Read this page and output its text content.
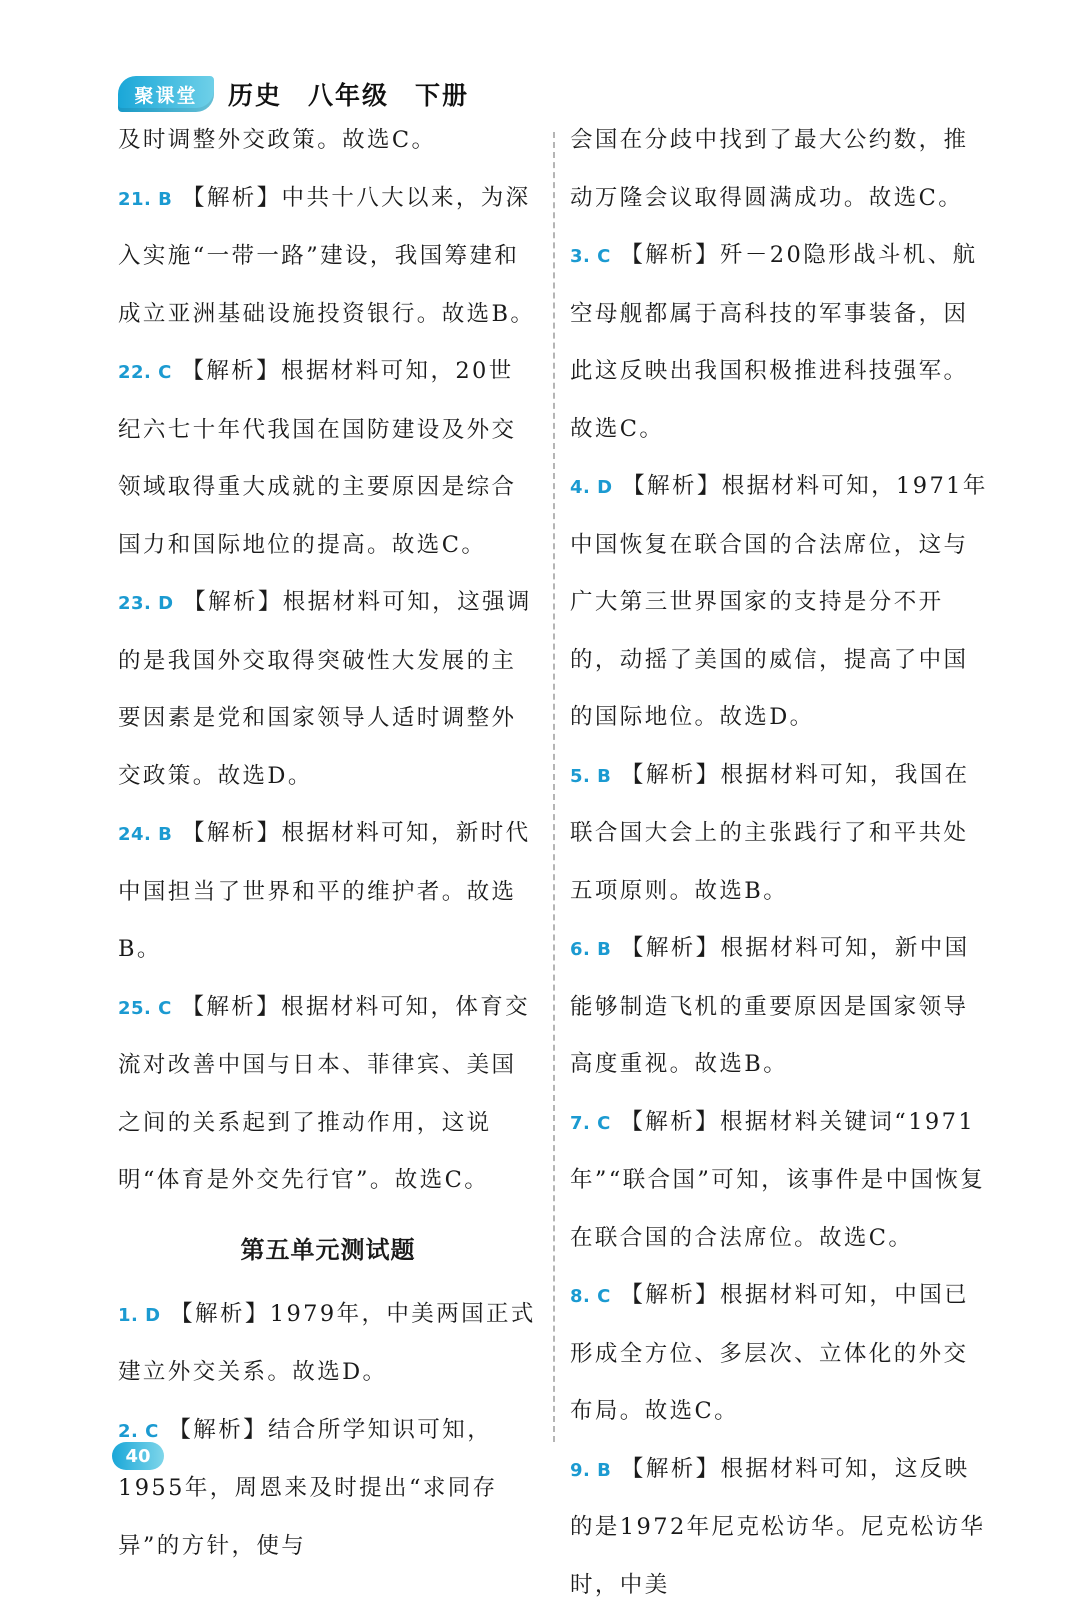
聚课堂	历史 八年级 下册

及时调整外交政策。故选C。

21. B 【解析】中共十八大以来，为深入实施“一带一路”建设，我国筹建和成立亚洲基础设施投资银行。故选B。

22. C 【解析】根据材料可知，20世纪六七十年代我国在国防建设及外交领域取得重大成就的主要原因是综合国力和国际地位的提高。故选C。

23. D 【解析】根据材料可知，这强调的是我国外交取得突破性大发展的主要因素是党和国家领导人适时调整外交政策。故选D。

24. B 【解析】根据材料可知，新时代中国担当了世界和平的维护者。故选B。

25. C 【解析】根据材料可知，体育交流对改善中国与日本、菲律宾、美国之间的关系起到了推动作用，这说明“体育是外交先行官”。故选C。

第五单元测试题

1. D 【解析】1979年，中美两国正式建立外交关系。故选D。

2. C 【解析】结合所学知识可知，1955年，周恩来及时提出“求同存异”的方针，使与

会国在分歧中找到了最大公约数，推动万隆会议取得圆满成功。故选C。

3. C 【解析】歼－20隐形战斗机、航空母舰都属于高科技的军事装备，因此这反映出我国积极推进科技强军。故选C。

4. D 【解析】根据材料可知，1971年中国恢复在联合国的合法席位，这与广大第三世界国家的支持是分不开的，动摇了美国的威信，提高了中国的国际地位。故选D。

5. B 【解析】根据材料可知，我国在联合国大会上的主张践行了和平共处五项原则。故选B。

6. B 【解析】根据材料可知，新中国能够制造飞机的重要原因是国家领导高度重视。故选B。

7. C 【解析】根据材料关键词“1971年”“联合国”可知，该事件是中国恢复在联合国的合法席位。故选C。

8. C 【解析】根据材料可知，中国已形成全方位、多层次、立体化的外交布局。故选C。

9. B 【解析】根据材料可知，这反映的是1972年尼克松访华。尼克松访华时，中美

40
